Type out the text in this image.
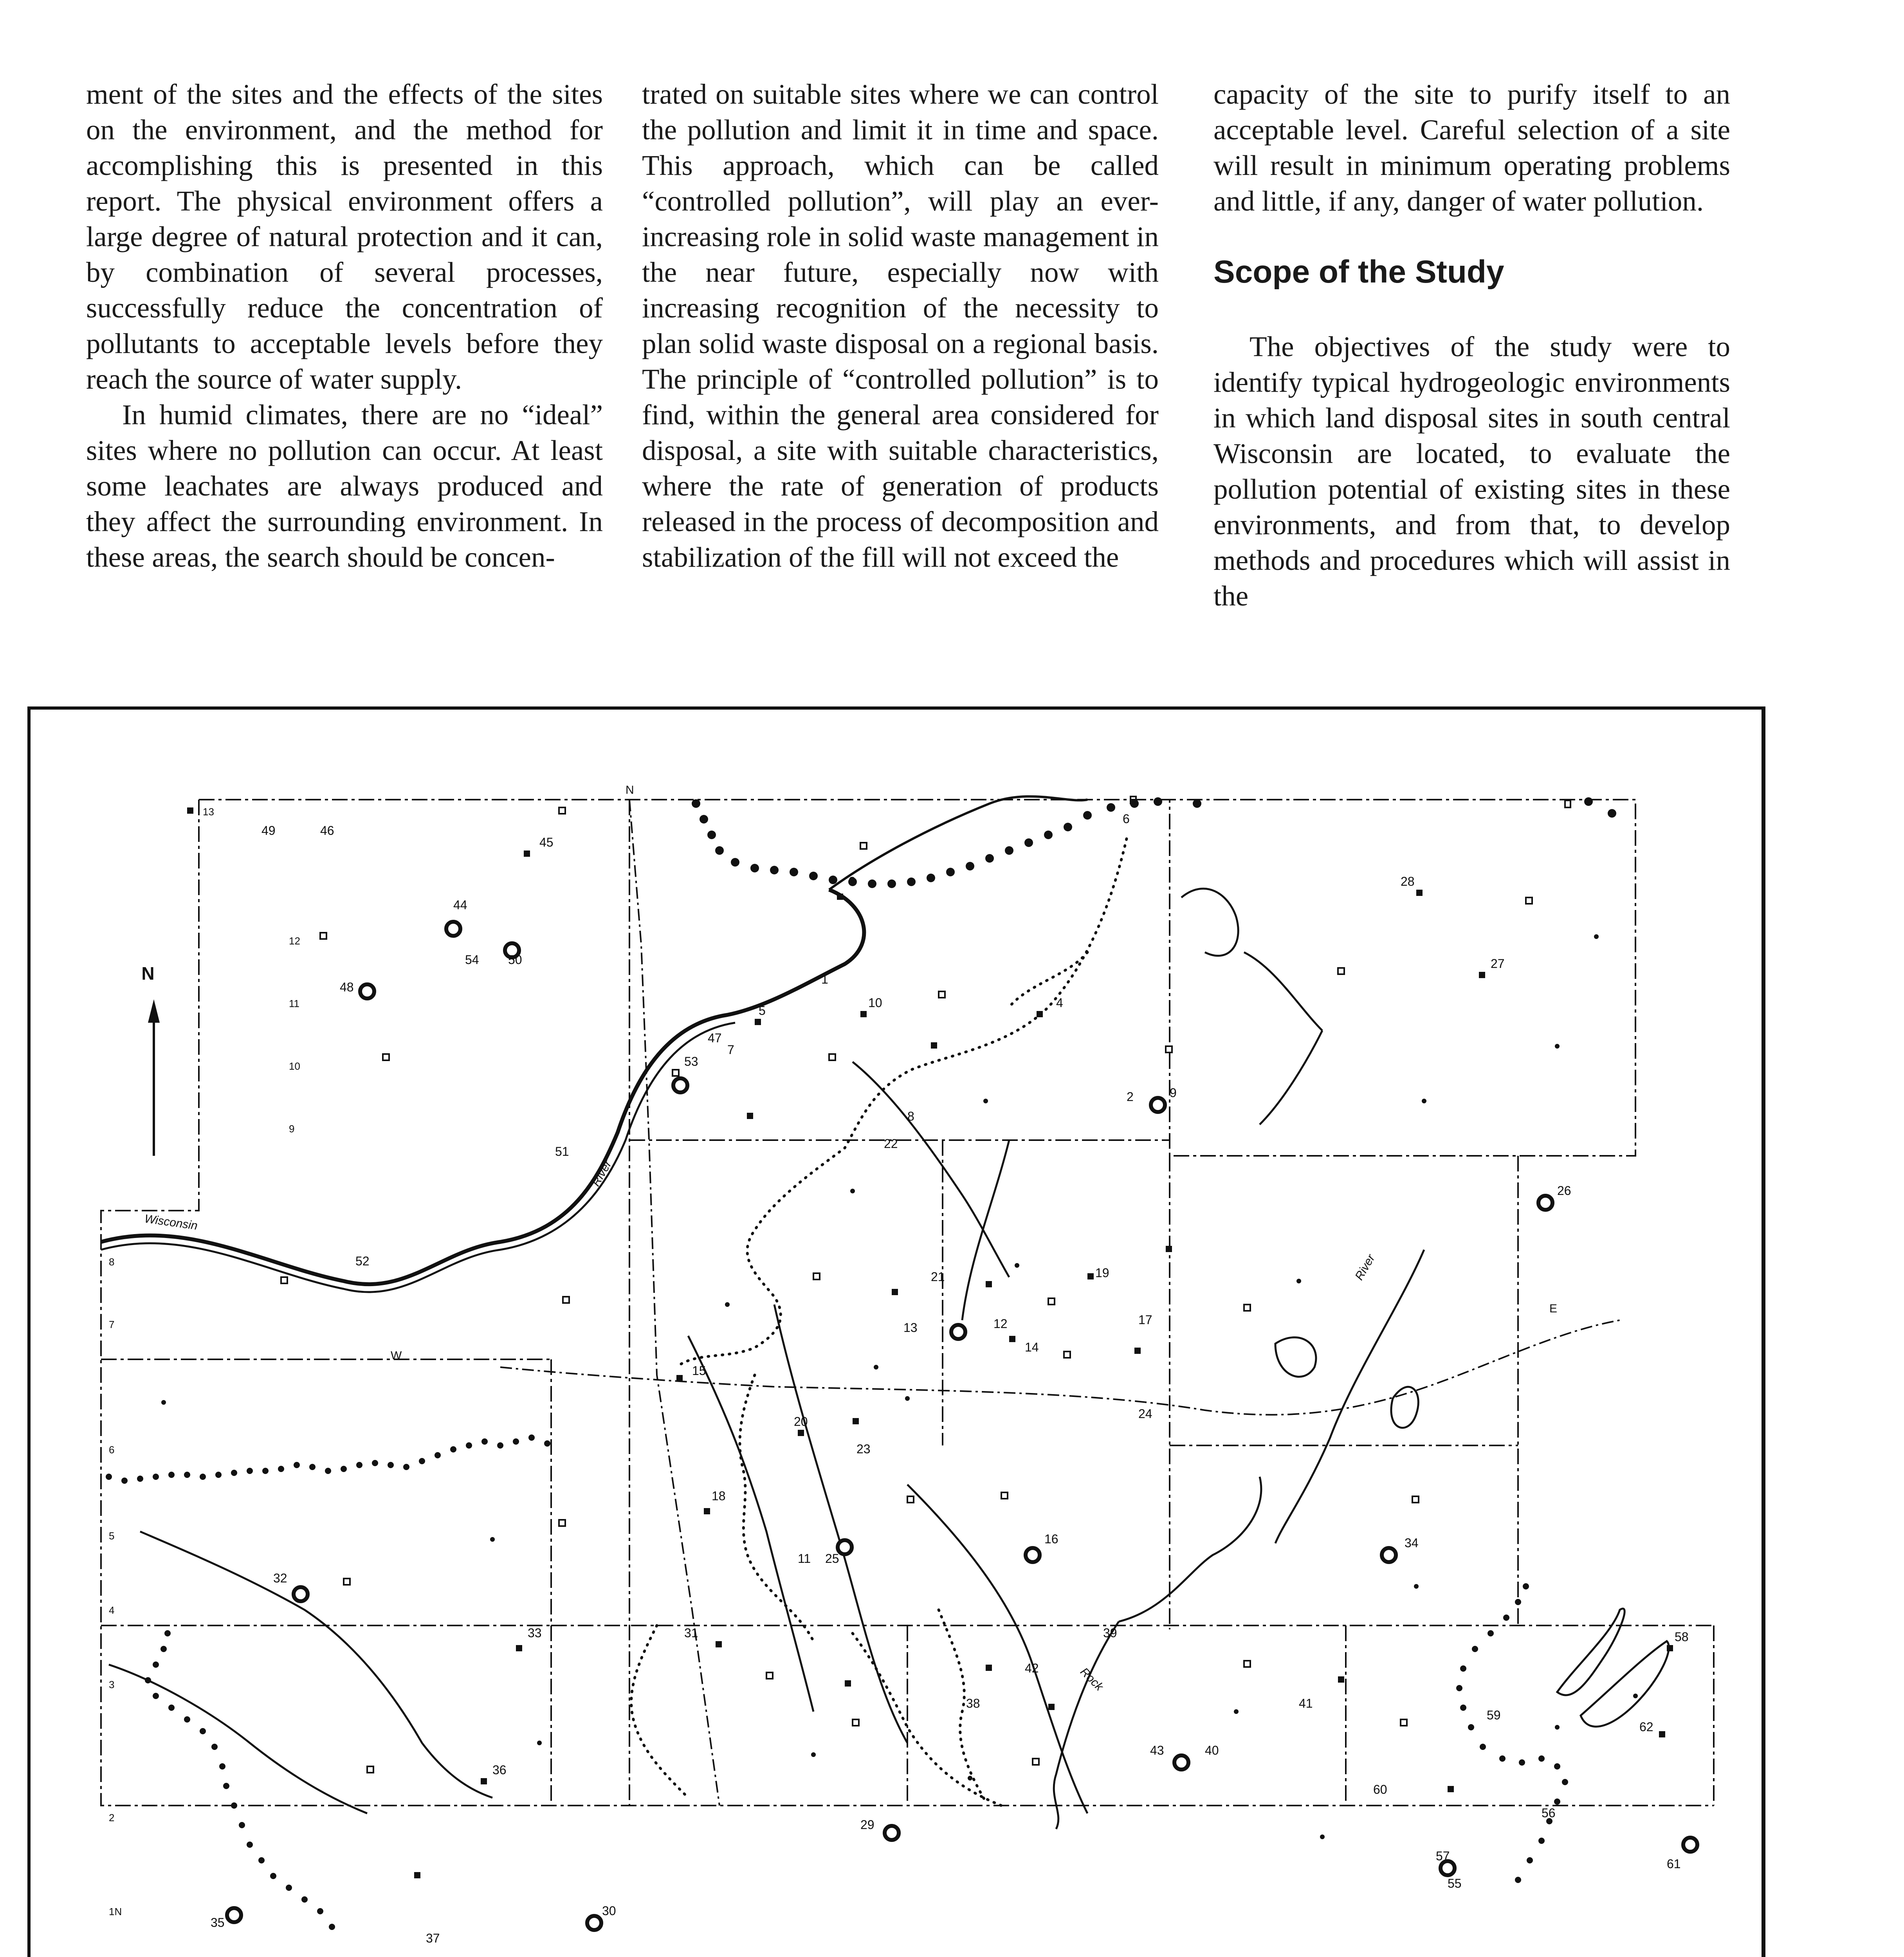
ment of the sites and the effects of the sites on the environment, and the method for accomplishing this is presented in this report. The physical environment offers a large degree of natural protection and it can, by combination of several processes, successfully reduce the concentration of pollutants to acceptable levels before they reach the source of water supply.

In humid climates, there are no “ideal” sites where no pollution can occur. At least some leachates are always produced and they affect the surrounding environment. In these areas, the search should be concen-

trated on suitable sites where we can control the pollution and limit it in time and space. This approach, which can be called “controlled pollution”, will play an ever-increasing role in solid waste management in the near future, especially now with increasing recognition of the necessity to plan solid waste disposal on a regional basis. The principle of “controlled pollution” is to find, within the general area considered for disposal, a site with suitable characteristics, where the rate of generation of products released in the process of decomposition and stabilization of the fill will not exceed the

capacity of the site to purify itself to an acceptable level. Careful selection of a site will result in minimum operating problems and little, if any, danger of water pollution.

Scope of the Study

The objectives of the study were to identify typical hydrogeologic environments in which land disposal sites in south central Wisconsin are located, to evaluate the pollution potential of existing sites in these environments, and from that, to develop methods and procedures which will assist in the

1
2
3
4
5
6
7
8
9
10
11
12
13
14
15
16
17
18
19
20
21
22
23
24
25
26
27
28
29
30
31
32
33
34
35
36
37
38
39
40
41
42
43
44
45
46
47
48
49
50
51
52
53
54
55
56
57
58
59
60
61
62
13
12
11
10
9
8
7
6
5
4
3
2
1N
N
E
W
N
Wisconsin
River
Rock
River
